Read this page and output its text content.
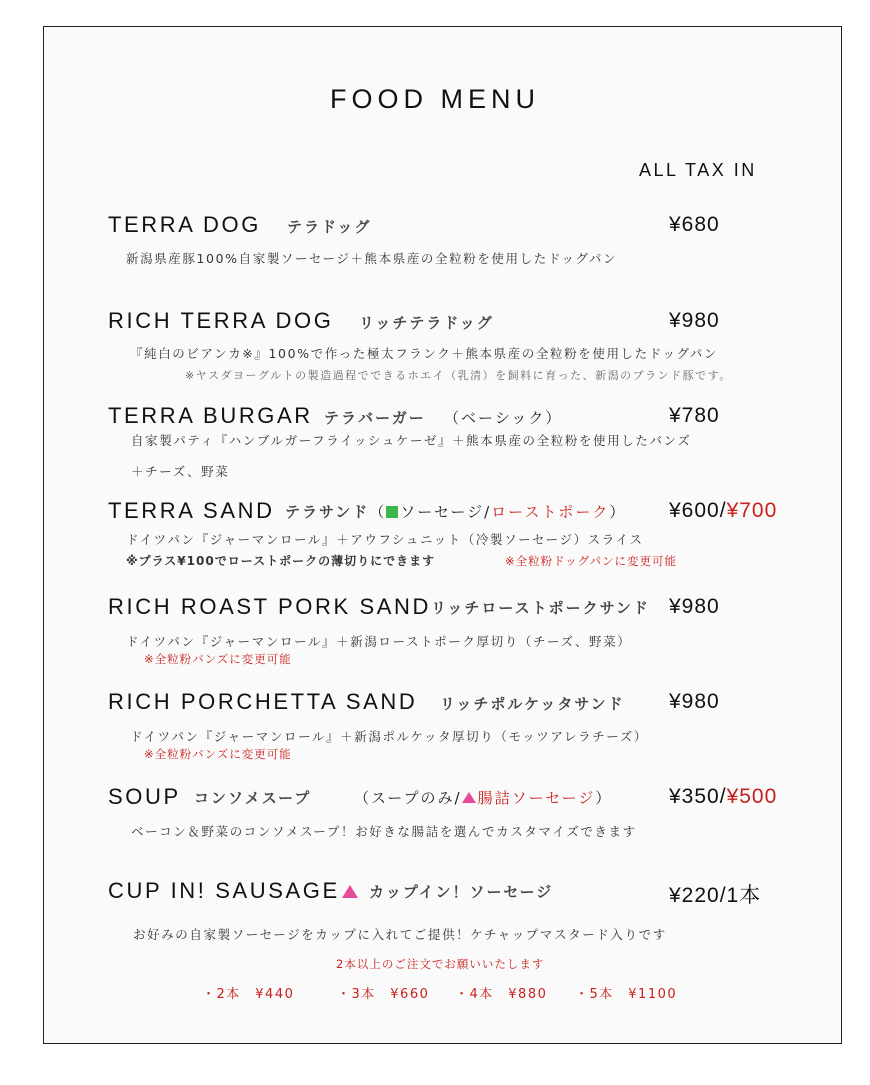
FOOD MENU
ALL TAX IN
TERRA DOG テラドッグ	¥680
新潟県産豚100%自家製ソーセージ＋熊本県産の全粒粉を使用したドッグパン
RICH TERRA DOG リッチテラドッグ	¥980
『純白のビアンカ※』100%で作った極太フランク＋熊本県産の全粒粉を使用したドッグパン
※ヤスダヨーグルトの製造過程でできるホエイ（乳清）を飼料に育った、新潟のブランド豚です。
TERRA BURGAR テラバーガー （ベーシック）	¥780
自家製パティ『ハンブルガーフライッシュケーゼ』＋熊本県産の全粒粉を使用したバンズ
＋チーズ、野菜
TERRA SAND テラサンド（ ソーセージ/ローストポーク） ¥600/¥700
ドイツパン『ジャーマンロール』＋アウフシュニット（冷製ソーセージ）スライス
※プラス¥100でローストポークの薄切りにできます	※全粒粉ドッグパンに変更可能
RICH ROAST PORK SAND リッチローストポークサンド ¥980
ドイツパン『ジャーマンロール』＋新潟ローストポーク厚切り（チーズ、野菜）
※全粒粉バンズに変更可能
RICH PORCHETTA SAND リッチポルケッタサンド ¥980
ドイツパン『ジャーマンロール』＋新潟ポルケッタ厚切り（モッツアレラチーズ）
※全粒粉バンズに変更可能
SOUP コンソメスープ	（スープのみ/ 腸詰ソーセージ）	¥350/¥500
ベーコン＆野菜のコンソメスープ！お好きな腸詰を選んでカスタマイズできます
CUP IN! SAUSAGE	カップイン！ソーセージ	¥220/1本
お好みの自家製ソーセージをカップに入れてご提供！ケチャップマスタード入りです
2本以上のご注文でお願いいたします
・2本　¥440	・3本　¥660 ・4本　¥880 ・5本　¥1100
